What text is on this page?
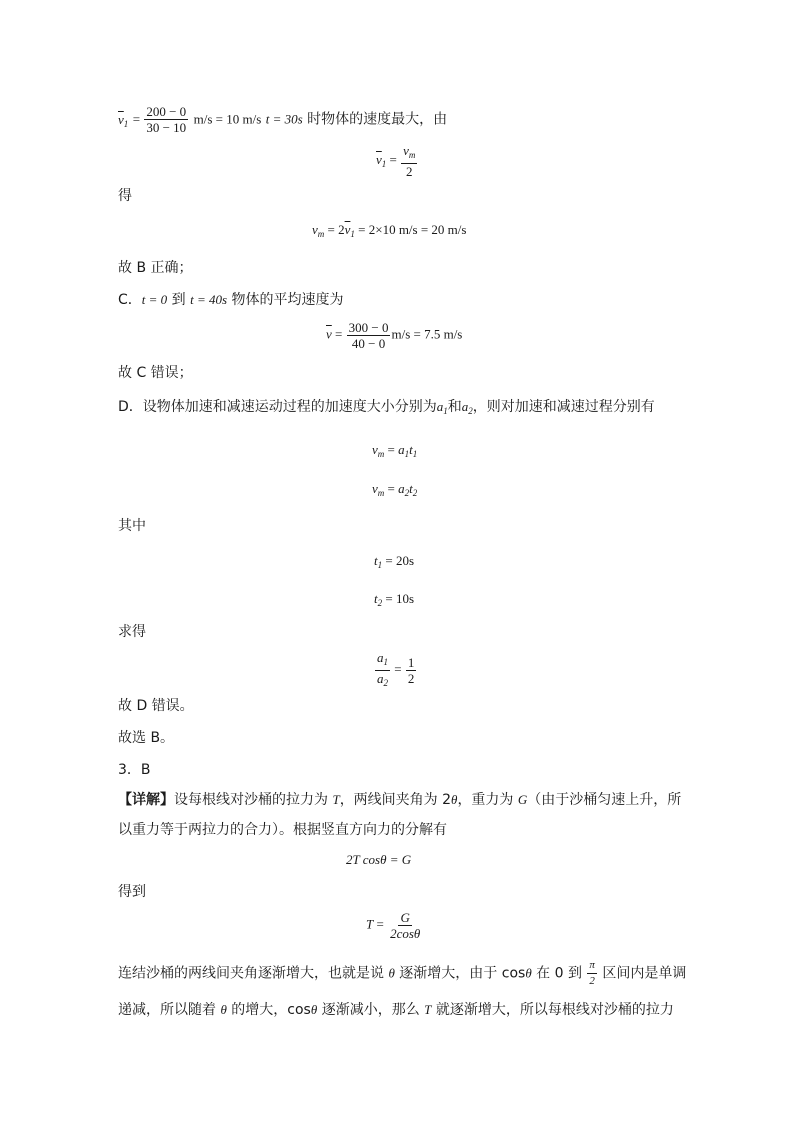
$\overline{v}_1 = \frac{200 - 0}{30 - 10} m/s = 10$ m/s t = 30s 时物体的速度最大，由
$\overline{v}_1 = \frac{v_m}{2}$
得
$v_m = 2\overline{v}_1 = 2\times 10$ m/s = 20 m/s
故 B 正确；
C．t = 0 到 t = 40s 物体的平均速度为
$\overline{v} = \frac{300 - 0}{40 - 0} m/s = 7.5$ m/s
故 C 错误；
D．设物体加速和减速运动过程的加速度大小分别为$a_1$和$a_2$，则对加速和减速过程分别有
$v_m = a_1t_1$
$v_m = a_2t_2$
其中
$t_1 = 20s$
$t_2 = 10s$
求得
$\frac{a_1}{a_2} = \frac{1}{2}$
故 D 错误。
故选 B。
3．B
【详解】设每根线对沙桶的拉力为 T，两线间夹角为 2θ，重力为 G（由于沙桶匀速上升，所
以重力等于两拉力的合力）。根据竖直方向力的分解有
2T cosθ = G
得到
$T = \frac{G}{2\cos\theta}$
连结沙桶的两线间夹角逐渐增大，也就是说 θ 逐渐增大，由于 cosθ 在 0 到 $\frac{\pi}{2}$ 区间内是单调
递减，所以随着 θ 的增大，cosθ 逐渐减小，那么 T 就逐渐增大，所以每根线对沙桶的拉力
